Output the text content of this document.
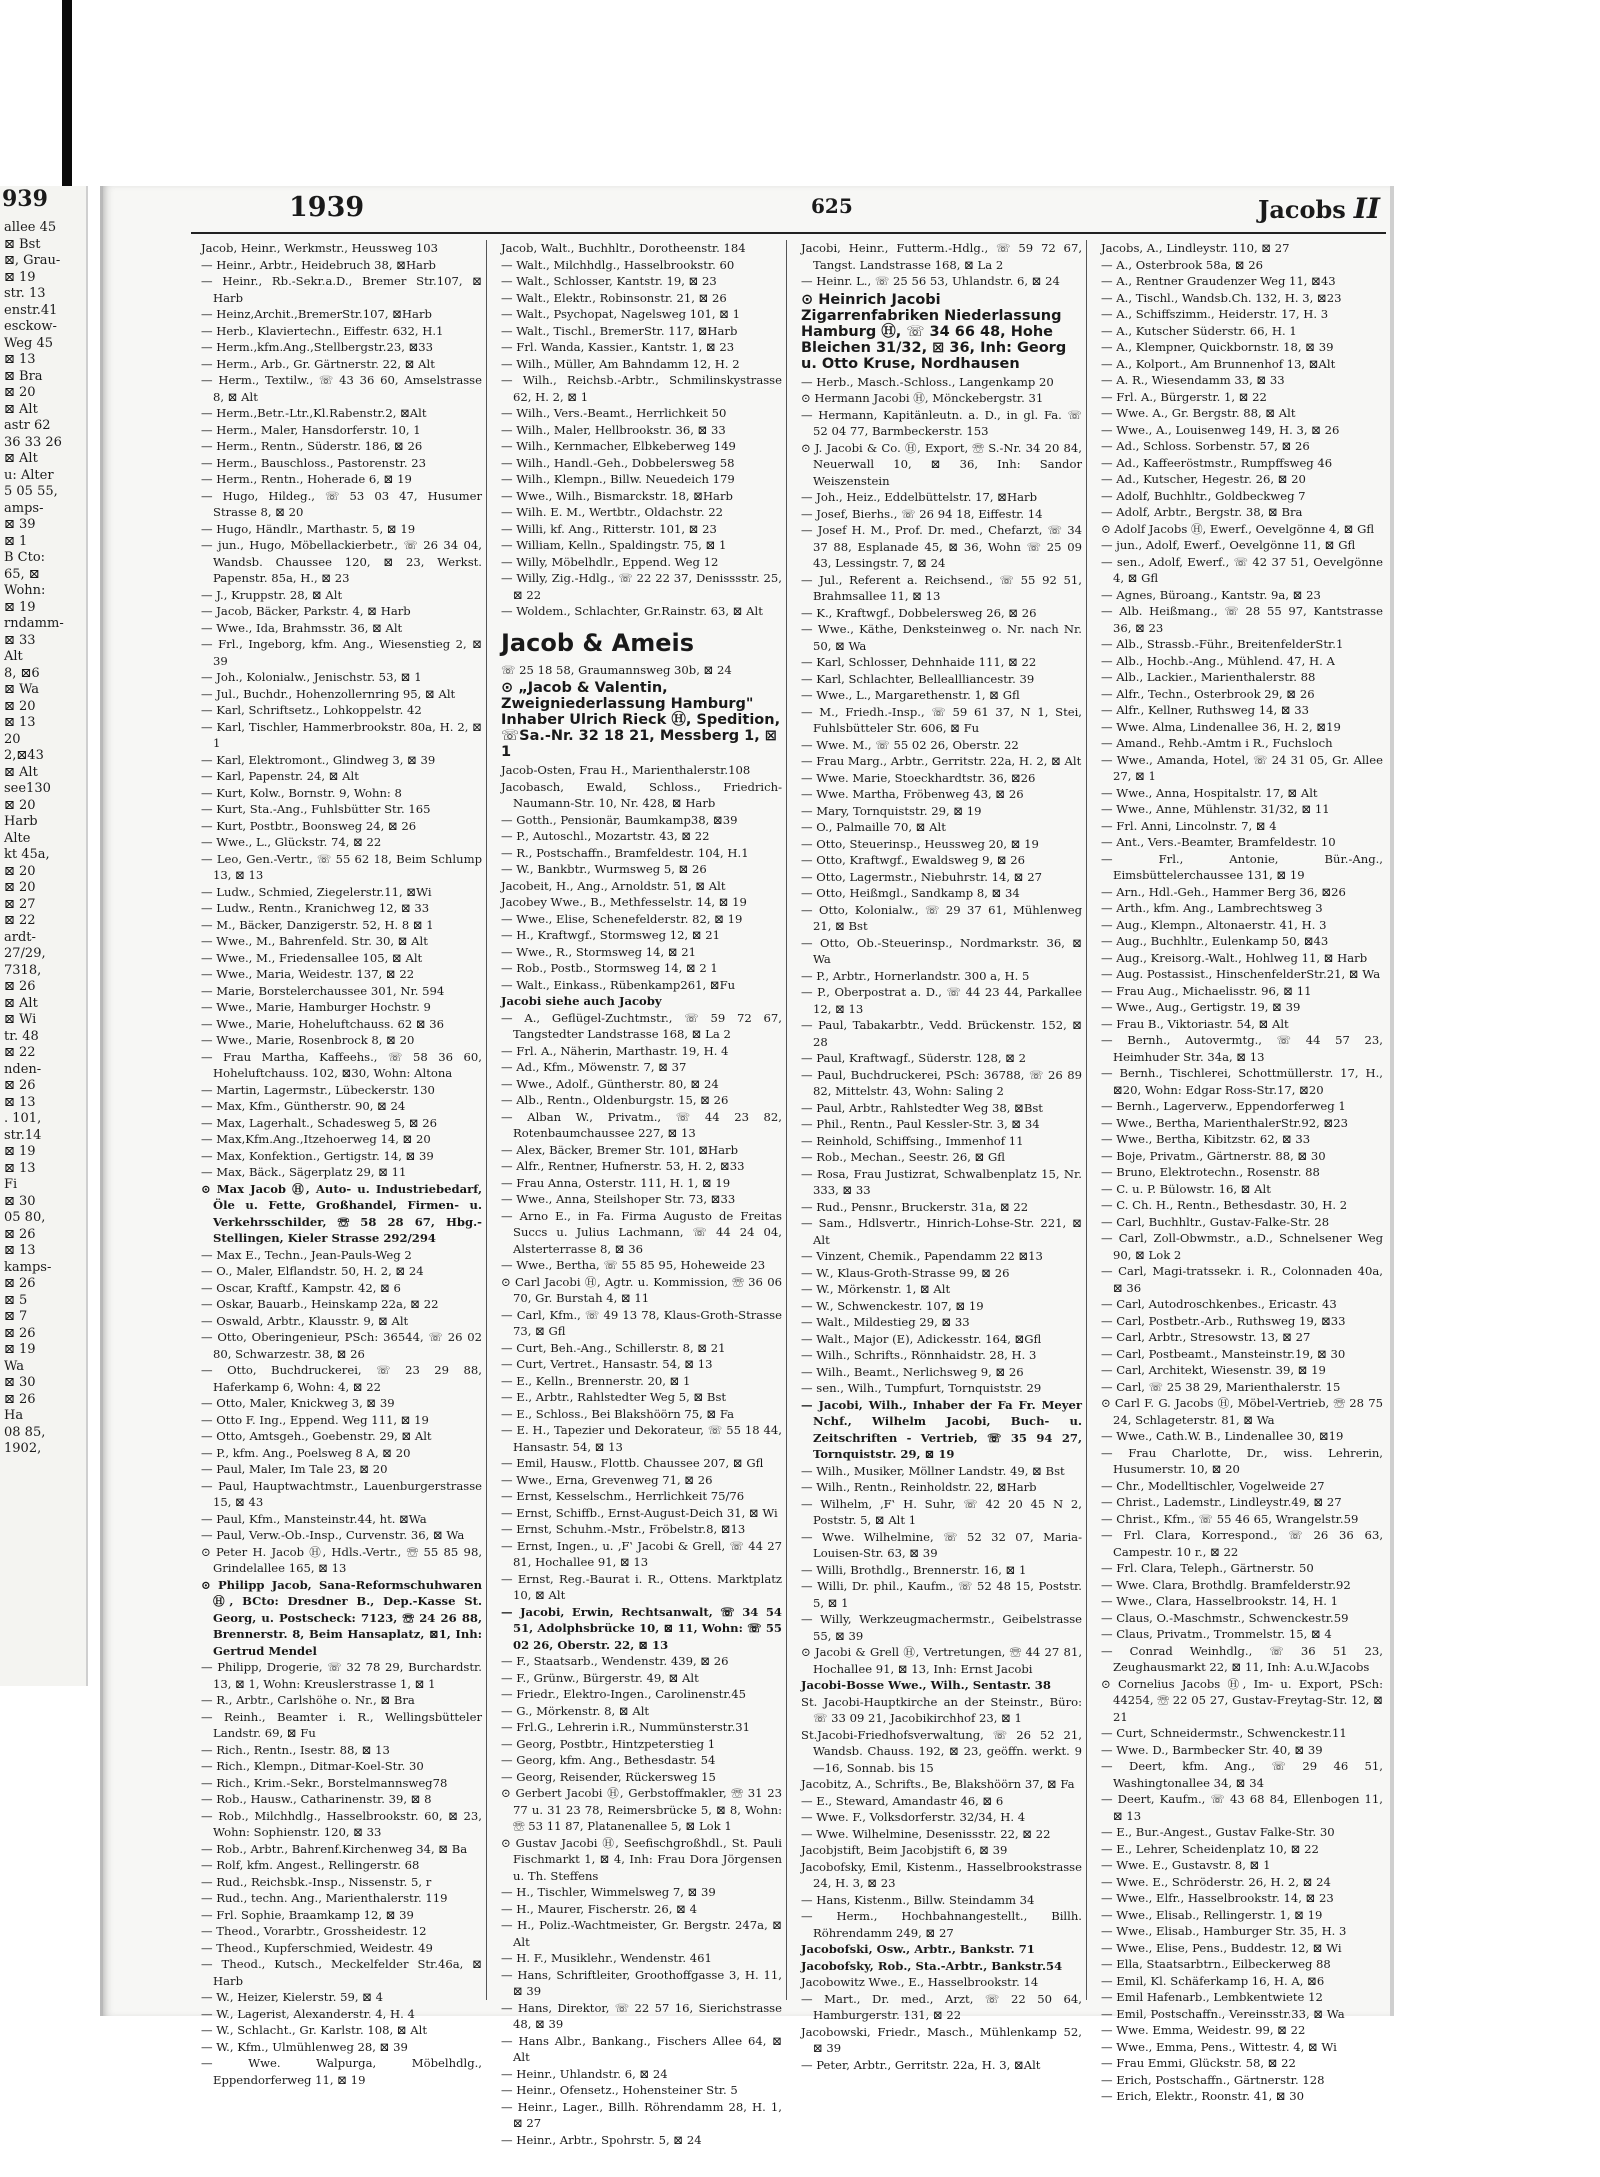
939
allee 45
⊠ Bst
⊠, Grau-
⊠ 19
str. 13
enstr.41
esckow-
Weg 45
⊠ 13
⊠ Bra
⊠ 20
⊠ Alt
astr 62
36 33 26
⊠ Alt
u: Alter
5 05 55,
amps-
⊠ 39
⊠ 1
B Cto:
65, ⊠
Wohn:
⊠ 19
rndamm-
⊠ 33
Alt
8, ⊠6
⊠ Wa
⊠ 20
⊠ 13
20
2,⊠43
⊠ Alt
see130
⊠ 20
Harb
Alte
kt 45a,
⊠ 20
⊠ 20
⊠ 27
⊠ 22
ardt-
27/29,
7318,
⊠ 26
⊠ Alt
⊠ Wi
tr. 48
⊠ 22
nden-
⊠ 26
⊠ 13
. 101,
str.14
⊠ 19
⊠ 13
Fi
⊠ 30
05 80,
⊠ 26
⊠ 13
kamps-
⊠ 26
⊠ 5
⊠ 7
⊠ 26
⊠ 19
Wa
⊠ 30
⊠ 26
Ha
08 85,
1902,
1939	625	Jacobs II

Jacob, Heinr., Werkmstr., Heussweg 103

— Heinr., Arbtr., Heidebruch 38, ⊠Harb

— Heinr., Rb.-Sekr.a.D., Bremer Str.107, ⊠ Harb

— Heinz,Archit.,BremerStr.107, ⊠Harb

— Herb., Klaviertechn., Eiffestr. 632, H.1

— Herm.,kfm.Ang.,Stellbergstr.23, ⊠33

— Herm., Arb., Gr. Gärtnerstr. 22, ⊠ Alt

— Herm., Textilw., ☏ 43 36 60, Amselstrasse 8, ⊠ Alt

— Herm.,Betr.-Ltr.,Kl.Rabenstr.2, ⊠Alt

— Herm., Maler, Hansdorferstr. 10, 1

— Herm., Rentn., Süderstr. 186, ⊠ 26

— Herm., Bauschloss., Pastorenstr. 23

— Herm., Rentn., Hoherade 6, ⊠ 19

— Hugo, Hildeg., ☏ 53 03 47, Husumer Strasse 8, ⊠ 20

— Hugo, Händlr., Marthastr. 5, ⊠ 19

— jun., Hugo, Möbellackierbetr., ☏ 26 34 04, Wandsb. Chaussee 120, ⊠ 23, Werkst. Papenstr. 85a, H., ⊠ 23

— J., Kruppstr. 28, ⊠ Alt

— Jacob, Bäcker, Parkstr. 4, ⊠ Harb

— Wwe., Ida, Brahmsstr. 36, ⊠ Alt

— Frl., Ingeborg, kfm. Ang., Wiesenstieg 2, ⊠ 39

— Joh., Kolonialw., Jenischstr. 53, ⊠ 1

— Jul., Buchdr., Hohenzollernring 95, ⊠ Alt

— Karl, Schriftsetz., Lohkoppelstr. 42

— Karl, Tischler, Hammerbrookstr. 80a, H. 2, ⊠ 1

— Karl, Elektromont., Glindweg 3, ⊠ 39

— Karl, Papenstr. 24, ⊠ Alt

— Kurt, Kolw., Bornstr. 9, Wohn: 8

— Kurt, Sta.-Ang., Fuhlsbütter Str. 165

— Kurt, Postbtr., Boonsweg 24, ⊠ 26

— Wwe., L., Glückstr. 74, ⊠ 22

— Leo, Gen.-Vertr., ☏ 55 62 18, Beim Schlump 13, ⊠ 13

— Ludw., Schmied, Ziegelerstr.11, ⊠Wi

— Ludw., Rentn., Kranichweg 12, ⊠ 33

— M., Bäcker, Danzigerstr. 52, H. 8 ⊠ 1

— Wwe., M., Bahrenfeld. Str. 30, ⊠ Alt

— Wwe., M., Friedensallee 105, ⊠ Alt

— Wwe., Maria, Weidestr. 137, ⊠ 22

— Marie, Borstelerchaussee 301, Nr. 594

— Wwe., Marie, Hamburger Hochstr. 9

— Wwe., Marie, Hoheluftchauss. 62 ⊠ 36

— Wwe., Marie, Rosenbrock 8, ⊠ 20

— Frau Martha, Kaffeehs., ☏ 58 36 60, Hoheluftchauss. 102, ⊠30, Wohn: Altona

— Martin, Lagermstr., Lübeckerstr. 130

— Max, Kfm., Güntherstr. 90, ⊠ 24

— Max, Lagerhalt., Schadesweg 5, ⊠ 26

— Max,Kfm.Ang.,Itzehoerweg 14, ⊠ 20

— Max, Konfektion., Gertigstr. 14, ⊠ 39

— Max, Bäck., Sägerplatz 29, ⊠ 11

⊙ Max Jacob Ⓗ, Auto- u. Industriebedarf, Öle u. Fette, Großhandel, Firmen- u. Verkehrsschilder, ☏ 58 28 67, Hbg.-Stellingen, Kieler Strasse 292/294

— Max E., Techn., Jean-Pauls-Weg 2

— O., Maler, Elflandstr. 50, H. 2, ⊠ 24

— Oscar, Kraftf., Kampstr. 42, ⊠ 6

— Oskar, Bauarb., Heinskamp 22a, ⊠ 22

— Oswald, Arbtr., Klausstr. 9, ⊠ Alt

— Otto, Oberingenieur, PSch: 36544, ☏ 26 02 80, Schwarzestr. 38, ⊠ 26

— Otto, Buchdruckerei, ☏ 23 29 88, Haferkamp 6, Wohn: 4, ⊠ 22

— Otto, Maler, Knickweg 3, ⊠ 39

— Otto F. Ing., Eppend. Weg 111, ⊠ 19

— Otto, Amtsgeh., Goebenstr. 29, ⊠ Alt

— P., kfm. Ang., Poelsweg 8 A, ⊠ 20

— Paul, Maler, Im Tale 23, ⊠ 20

— Paul, Hauptwachtmstr., Lauenburgerstrasse 15, ⊠ 43

— Paul, Kfm., Mansteinstr.44, ht. ⊠Wa

— Paul, Verw.-Ob.-Insp., Curvenstr. 36, ⊠ Wa

⊙ Peter H. Jacob Ⓗ, Hdls.-Vertr., ☏ 55 85 98, Grindelallee 165, ⊠ 13

⊙ Philipp Jacob, Sana-Reformschuhwaren Ⓗ, BCto: Dresdner B., Dep.-Kasse St. Georg, u. Postscheck: 7123, ☏ 24 26 88, Brennerstr. 8, Beim Hansaplatz, ⊠1, Inh: Gertrud Mendel

— Philipp, Drogerie, ☏ 32 78 29, Burchardstr. 13, ⊠ 1, Wohn: Kreuslerstrasse 1, ⊠ 1

— R., Arbtr., Carlshöhe o. Nr., ⊠ Bra

— Reinh., Beamter i. R., Wellingsbütteler Landstr. 69, ⊠ Fu

— Rich., Rentn., Isestr. 88, ⊠ 13

— Rich., Klempn., Ditmar-Koel-Str. 30

— Rich., Krim.-Sekr., Borstelmannsweg78

— Rob., Hausw., Catharinenstr. 39, ⊠ 8

— Rob., Milchhdlg., Hasselbrookstr. 60, ⊠ 23, Wohn: Sophienstr. 120, ⊠ 33

— Rob., Arbtr., Bahrenf.Kirchenweg 34, ⊠ Ba

— Rolf, kfm. Angest., Rellingerstr. 68

— Rud., Reichsbk.-Insp., Nissenstr. 5, r

— Rud., techn. Ang., Marienthalerstr. 119

— Frl. Sophie, Braamkamp 12, ⊠ 39

— Theod., Vorarbtr., Grossheidestr. 12

— Theod., Kupferschmied, Weidestr. 49

— Theod., Kutsch., Meckelfelder Str.46a, ⊠ Harb

— W., Heizer, Kielerstr. 59, ⊠ 4

— W., Lagerist, Alexanderstr. 4, H. 4

— W., Schlacht., Gr. Karlstr. 108, ⊠ Alt

— W., Kfm., Ulmühlenweg 28, ⊠ 39

— Wwe. Walpurga, Möbelhdlg., Eppendorferweg 11, ⊠ 19

Jacob, Walt., Buchhltr., Dorotheenstr. 184

— Walt., Milchhdlg., Hasselbrookstr. 60

— Walt., Schlosser, Kantstr. 19, ⊠ 23

— Walt., Elektr., Robinsonstr. 21, ⊠ 26

— Walt., Psychopat, Nagelsweg 101, ⊠ 1

— Walt., Tischl., BremerStr. 117, ⊠Harb

— Frl. Wanda, Kassier., Kantstr. 1, ⊠ 23

— Wilh., Müller, Am Bahndamm 12, H. 2

— Wilh., Reichsb.-Arbtr., Schmilinskystrasse 62, H. 2, ⊠ 1

— Wilh., Vers.-Beamt., Herrlichkeit 50

— Wilh., Maler, Hellbrookstr. 36, ⊠ 33

— Wilh., Kernmacher, Elbkeberweg 149

— Wilh., Handl.-Geh., Dobbelersweg 58

— Wilh., Klempn., Billw. Neuedeich 179

— Wwe., Wilh., Bismarckstr. 18, ⊠Harb

— Wilh. E. M., Wertbtr., Oldachstr. 22

— Willi, kf. Ang., Ritterstr. 101, ⊠ 23

— William, Kelln., Spaldingstr. 75, ⊠ 1

— Willy, Möbelhdlr., Eppend. Weg 12

— Willy, Zig.-Hdlg., ☏ 22 22 37, Denisssstr. 25, ⊠ 22

— Woldem., Schlachter, Gr.Rainstr. 63, ⊠ Alt

Jacob & Ameis

☏ 25 18 58, Graumannsweg 30b, ⊠ 24

⊙ „Jacob & Valentin, Zweigniederlassung Hamburg" Inhaber Ulrich Rieck Ⓗ, Spedition, ☏Sa.-Nr. 32 18 21, Messberg 1, ⊠ 1

Jacob-Osten, Frau H., Marienthalerstr.108

Jacobasch, Ewald, Schloss., Friedrich-Naumann-Str. 10, Nr. 428, ⊠ Harb

— Gotth., Pensionär, Baumkamp38, ⊠39

— P., Autoschl., Mozartstr. 43, ⊠ 22

— R., Postschaffn., Bramfeldestr. 104, H.1

— W., Bankbtr., Wurmsweg 5, ⊠ 26

Jacobeit, H., Ang., Arnoldstr. 51, ⊠ Alt

Jacobey Wwe., B., Methfesselstr. 14, ⊠ 19

— Wwe., Elise, Schenefelderstr. 82, ⊠ 19

— H., Kraftwgf., Stormsweg 12, ⊠ 21

— Wwe., R., Stormsweg 14, ⊠ 21

— Rob., Postb., Stormsweg 14, ⊠ 2 1

— Walt., Einkass., Rübenkamp261, ⊠Fu

Jacobi siehe auch Jacoby

— A., Geflügel-Zuchtmstr., ☏ 59 72 67, Tangstedter Landstrasse 168, ⊠ La 2

— Frl. A., Näherin, Marthastr. 19, H. 4

— Ad., Kfm., Möwenstr. 7, ⊠ 37

— Wwe., Adolf., Güntherstr. 80, ⊠ 24

— Alb., Rentn., Oldenburgstr. 15, ⊠ 26

— Alban W., Privatm., ☏ 44 23 82, Rotenbaumchaussee 227, ⊠ 13

— Alex, Bäcker, Bremer Str. 101, ⊠Harb

— Alfr., Rentner, Hufnerstr. 53, H. 2, ⊠33

— Frau Anna, Osterstr. 111, H. 1, ⊠ 19

— Wwe., Anna, Steilshoper Str. 73, ⊠33

— Arno E., in Fa. Firma Augusto de Freitas Succs u. Julius Lachmann, ☏ 44 24 04, Alsterterrasse 8, ⊠ 36

— Wwe., Bertha, ☏ 55 85 95, Hoheweide 23

⊙ Carl Jacobi Ⓗ, Agtr. u. Kommission, ☏ 36 06 70, Gr. Burstah 4, ⊠ 11

— Carl, Kfm., ☏ 49 13 78, Klaus-Groth-Strasse 73, ⊠ Gfl

— Curt, Beh.-Ang., Schillerstr. 8, ⊠ 21

— Curt, Vertret., Hansastr. 54, ⊠ 13

— E., Kelln., Brennerstr. 20, ⊠ 1

— E., Arbtr., Rahlstedter Weg 5, ⊠ Bst

— E., Schloss., Bei Blakshöörn 75, ⊠ Fa

— E. H., Tapezier und Dekorateur, ☏ 55 18 44, Hansastr. 54, ⊠ 13

— Emil, Hausw., Flottb. Chaussee 207, ⊠ Gfl

— Wwe., Erna, Grevenweg 71, ⊠ 26

— Ernst, Kesselschm., Herrlichkeit 75/76

— Ernst, Schiffb., Ernst-August-Deich 31, ⊠ Wi

— Ernst, Schuhm.-Mstr., Fröbelstr.8, ⊠13

— Ernst, Ingen., u. ‚F‛ Jacobi & Grell, ☏ 44 27 81, Hochallee 91, ⊠ 13

— Ernst, Reg.-Baurat i. R., Ottens. Marktplatz 10, ⊠ Alt

— Jacobi, Erwin, Rechtsanwalt, ☏ 34 54 51, Adolphsbrücke 10, ⊠ 11, Wohn: ☏ 55 02 26, Oberstr. 22, ⊠ 13

— F., Staatsarb., Wendenstr. 439, ⊠ 26

— F., Grünw., Bürgerstr. 49, ⊠ Alt

— Friedr., Elektro-Ingen., Carolinenstr.45

— G., Mörkenstr. 8, ⊠ Alt

— Frl.G., Lehrerin i.R., Nummünsterstr.31

— Georg, Postbtr., Hintzpeterstieg 1

— Georg, kfm. Ang., Bethesdastr. 54

— Georg, Reisender, Rückersweg 15

⊙ Gerbert Jacobi Ⓗ, Gerbstoffmakler, ☏ 31 23 77 u. 31 23 78, Reimersbrücke 5, ⊠ 8, Wohn: ☏ 53 11 87, Platanenallee 5, ⊠ Lok 1

⊙ Gustav Jacobi Ⓗ, Seefischgroßhdl., St. Pauli Fischmarkt 1, ⊠ 4, Inh: Frau Dora Jörgensen u. Th. Steffens

— H., Tischler, Wimmelsweg 7, ⊠ 39

— H., Maurer, Fischerstr. 26, ⊠ 4

— H., Poliz.-Wachtmeister, Gr. Bergstr. 247a, ⊠ Alt

— H. F., Musiklehr., Wendenstr. 461

— Hans, Schriftleiter, Groothoffgasse 3, H. 11, ⊠ 39

— Hans, Direktor, ☏ 22 57 16, Sierichstrasse 48, ⊠ 39

— Hans Albr., Bankang., Fischers Allee 64, ⊠ Alt

— Heinr., Uhlandstr. 6, ⊠ 24

— Heinr., Ofensetz., Hohensteiner Str. 5

— Heinr., Lager., Billh. Röhrendamm 28, H. 1, ⊠ 27

— Heinr., Arbtr., Spohrstr. 5, ⊠ 24

Jacobi, Heinr., Futterm.-Hdlg., ☏ 59 72 67, Tangst. Landstrasse 168, ⊠ La 2

— Heinr. L., ☏ 25 56 53, Uhlandstr. 6, ⊠ 24

⊙ Heinrich Jacobi Zigarrenfabriken Niederlassung Hamburg Ⓗ, ☏ 34 66 48, Hohe Bleichen 31/32, ⊠ 36, Inh: Georg u. Otto Kruse, Nordhausen

— Herb., Masch.-Schloss., Langenkamp 20

⊙ Hermann Jacobi Ⓗ, Mönckebergstr. 31

— Hermann, Kapitänleutn. a. D., in gl. Fa. ☏ 52 04 77, Barmbeckerstr. 153

⊙ J. Jacobi & Co. Ⓗ, Export, ☏ S.-Nr. 34 20 84, Neuerwall 10, ⊠ 36, Inh: Sandor Weiszenstein

— Joh., Heiz., Eddelbüttelstr. 17, ⊠Harb

— Josef, Bierhs., ☏ 26 94 18, Eiffestr. 14

— Josef H. M., Prof. Dr. med., Chefarzt, ☏ 34 37 88, Esplanade 45, ⊠ 36, Wohn ☏ 25 09 43, Lessingstr. 7, ⊠ 24

— Jul., Referent a. Reichsend., ☏ 55 92 51, Brahmsallee 11, ⊠ 13

— K., Kraftwgf., Dobbelersweg 26, ⊠ 26

— Wwe., Käthe, Denksteinweg o. Nr. nach Nr. 50, ⊠ Wa

— Karl, Schlosser, Dehnhaide 111, ⊠ 22

— Karl, Schlachter, Belleallliancestr. 39

— Wwe., L., Margarethenstr. 1, ⊠ Gfl

— M., Friedh.-Insp., ☏ 59 61 37, N 1, Stei, Fuhlsbütteler Str. 606, ⊠ Fu

— Wwe. M., ☏ 55 02 26, Oberstr. 22

— Frau Marg., Arbtr., Gerritstr. 22a, H. 2, ⊠ Alt

— Wwe. Marie, Stoeckhardtstr. 36, ⊠26

— Wwe. Martha, Fröbenweg 43, ⊠ 26

— Mary, Tornquiststr. 29, ⊠ 19

— O., Palmaille 70, ⊠ Alt

— Otto, Steuerinsp., Heussweg 20, ⊠ 19

— Otto, Kraftwgf., Ewaldsweg 9, ⊠ 26

— Otto, Lagermstr., Niebuhrstr. 14, ⊠ 27

— Otto, Heißmgl., Sandkamp 8, ⊠ 34

— Otto, Kolonialw., ☏ 29 37 61, Mühlenweg 21, ⊠ Bst

— Otto, Ob.-Steuerinsp., Nordmarkstr. 36, ⊠ Wa

— P., Arbtr., Hornerlandstr. 300 a, H. 5

— P., Oberpostrat a. D., ☏ 44 23 44, Parkallee 12, ⊠ 13

— Paul, Tabakarbtr., Vedd. Brückenstr. 152, ⊠ 28

— Paul, Kraftwagf., Süderstr. 128, ⊠ 2

— Paul, Buchdruckerei, PSch: 36788, ☏ 26 89 82, Mittelstr. 43, Wohn: Saling 2

— Paul, Arbtr., Rahlstedter Weg 38, ⊠Bst

— Phil., Rentn., Paul Kessler-Str. 3, ⊠ 34

— Reinhold, Schiffsing., Immenhof 11

— Rob., Mechan., Seestr. 26, ⊠ Gfl

— Rosa, Frau Justizrat, Schwalbenplatz 15, Nr. 333, ⊠ 33

— Rud., Pensnr., Bruckerstr. 31a, ⊠ 22

— Sam., Hdlsvertr., Hinrich-Lohse-Str. 221, ⊠ Alt

— Vinzent, Chemik., Papendamm 22 ⊠13

— W., Klaus-Groth-Strasse 99, ⊠ 26

— W., Mörkenstr. 1, ⊠ Alt

— W., Schwenckestr. 107, ⊠ 19

— Walt., Mildestieg 29, ⊠ 33

— Walt., Major (E), Adickesstr. 164, ⊠Gfl

— Wilh., Schrifts., Rönnhaidstr. 28, H. 3

— Wilh., Beamt., Nerlichsweg 9, ⊠ 26

— sen., Wilh., Tumpfurt, Tornquiststr. 29

— Jacobi, Wilh., Inhaber der Fa Fr. Meyer Nchf., Wilhelm Jacobi, Buch- u. Zeitschriften - Vertrieb, ☏ 35 94 27, Tornquiststr. 29, ⊠ 19

— Wilh., Musiker, Möllner Landstr. 49, ⊠ Bst

— Wilh., Rentn., Reinholdstr. 22, ⊠Harb

— Wilhelm, ‚F‛ H. Suhr, ☏ 42 20 45 N 2, Poststr. 5, ⊠ Alt 1

— Wwe. Wilhelmine, ☏ 52 32 07, Maria-Louisen-Str. 63, ⊠ 39

— Willi, Brothdlg., Brennerstr. 16, ⊠ 1

— Willi, Dr. phil., Kaufm., ☏ 52 48 15, Poststr. 5, ⊠ 1

— Willy, Werkzeugmachermstr., Geibelstrasse 55, ⊠ 39

⊙ Jacobi & Grell Ⓗ, Vertretungen, ☏ 44 27 81, Hochallee 91, ⊠ 13, Inh: Ernst Jacobi

Jacobi-Bosse Wwe., Wilh., Sentastr. 38

St. Jacobi-Hauptkirche an der Steinstr., Büro: ☏ 33 09 21, Jacobikirchhof 23, ⊠ 1

St.Jacobi-Friedhofsverwaltung, ☏ 26 52 21, Wandsb. Chauss. 192, ⊠ 23, geöffn. werkt. 9—16, Sonnab. bis 15

Jacobitz, A., Schrifts., Be, Blakshöörn 37, ⊠ Fa

— E., Steward, Amandastr 46, ⊠ 6

— Wwe. F., Volksdorferstr. 32/34, H. 4

— Wwe. Wilhelmine, Desenissstr. 22, ⊠ 22

Jacobjstift, Beim Jacobjstift 6, ⊠ 39

Jacobofsky, Emil, Kistenm., Hasselbrookstrasse 24, H. 3, ⊠ 23

— Hans, Kistenm., Billw. Steindamm 34

— Herm., Hochbahnangestellt., Billh. Röhrendamm 249, ⊠ 27

Jacobofski, Osw., Arbtr., Bankstr. 71

Jacobofsky, Rob., Sta.-Arbtr., Bankstr.54

Jacobowitz Wwe., E., Hasselbrookstr. 14

— Mart., Dr. med., Arzt, ☏ 22 50 64, Hamburgerstr. 131, ⊠ 22

Jacobowski, Friedr., Masch., Mühlenkamp 52, ⊠ 39

— Peter, Arbtr., Gerritstr. 22a, H. 3, ⊠Alt

Jacobs, A., Lindleystr. 110, ⊠ 27

— A., Osterbrook 58a, ⊠ 26

— A., Rentner Graudenzer Weg 11, ⊠43

— A., Tischl., Wandsb.Ch. 132, H. 3, ⊠23

— A., Schiffszimm., Heiderstr. 17, H. 3

— A., Kutscher Süderstr. 66, H. 1

— A., Klempner, Quickbornstr. 18, ⊠ 39

— A., Kolport., Am Brunnenhof 13, ⊠Alt

— A. R., Wiesendamm 33, ⊠ 33

— Frl. A., Bürgerstr. 1, ⊠ 22

— Wwe. A., Gr. Bergstr. 88, ⊠ Alt

— Wwe., A., Louisenweg 149, H. 3, ⊠ 26

— Ad., Schloss. Sorbenstr. 57, ⊠ 26

— Ad., Kaffeeröstmstr., Rumpffsweg 46

— Ad., Kutscher, Hegestr. 26, ⊠ 20

— Adolf, Buchhltr., Goldbeckweg 7

— Adolf, Arbtr., Bergstr. 38, ⊠ Bra

⊙ Adolf Jacobs Ⓗ, Ewerf., Oevelgönne 4, ⊠ Gfl

— jun., Adolf, Ewerf., Oevelgönne 11, ⊠ Gfl

— sen., Adolf, Ewerf., ☏ 42 37 51, Oevelgönne 4, ⊠ Gfl

— Agnes, Büroang., Kantstr. 9a, ⊠ 23

— Alb. Heißmang., ☏ 28 55 97, Kantstrasse 36, ⊠ 23

— Alb., Strassb.-Führ., BreitenfelderStr.1

— Alb., Hochb.-Ang., Mühlend. 47, H. A

— Alb., Lackier., Marienthalerstr. 88

— Alfr., Techn., Osterbrook 29, ⊠ 26

— Alfr., Kellner, Ruthsweg 14, ⊠ 33

— Wwe. Alma, Lindenallee 36, H. 2, ⊠19

— Amand., Rehb.-Amtm i R., Fuchsloch

— Wwe., Amanda, Hotel, ☏ 24 31 05, Gr. Allee 27, ⊠ 1

— Wwe., Anna, Hospitalstr. 17, ⊠ Alt

— Wwe., Anne, Mühlenstr. 31/32, ⊠ 11

— Frl. Anni, Lincolnstr. 7, ⊠ 4

— Ant., Vers.-Beamter, Bramfeldestr. 10

— Frl., Antonie, Bür.-Ang., Eimsbüttelerchaussee 131, ⊠ 19

— Arn., Hdl.-Geh., Hammer Berg 36, ⊠26

— Arth., kfm. Ang., Lambrechtsweg 3

— Aug., Klempn., Altonaerstr. 41, H. 3

— Aug., Buchhltr., Eulenkamp 50, ⊠43

— Aug., Kreisorg.-Walt., Hohlweg 11, ⊠ Harb

— Aug. Postassist., HinschenfelderStr.21, ⊠ Wa

— Frau Aug., Michaelisstr. 96, ⊠ 11

— Wwe., Aug., Gertigstr. 19, ⊠ 39

— Frau B., Viktoriastr. 54, ⊠ Alt

— Bernh., Autovermtg., ☏ 44 57 23, Heimhuder Str. 34a, ⊠ 13

— Bernh., Tischlerei, Schottmüllerstr. 17, H., ⊠20, Wohn: Edgar Ross-Str.17, ⊠20

— Bernh., Lagerverw., Eppendorferweg 1

— Wwe., Bertha, MarienthalerStr.92, ⊠23

— Wwe., Bertha, Kibitzstr. 62, ⊠ 33

— Boje, Privatm., Gärtnerstr. 88, ⊠ 30

— Bruno, Elektrotechn., Rosenstr. 88

— C. u. P. Bülowstr. 16, ⊠ Alt

— C. Ch. H., Rentn., Bethesdastr. 30, H. 2

— Carl, Buchhltr., Gustav-Falke-Str. 28

— Carl, Zoll-Obwmstr., a.D., Schnelsener Weg 90, ⊠ Lok 2

— Carl, Magi-tratssekr. i. R., Colonnaden 40a, ⊠ 36

— Carl, Autodroschkenbes., Ericastr. 43

— Carl, Postbetr.-Arb., Ruthsweg 19, ⊠33

— Carl, Arbtr., Stresowstr. 13, ⊠ 27

— Carl, Postbeamt., Mansteinstr.19, ⊠ 30

— Carl, Architekt, Wiesenstr. 39, ⊠ 19

— Carl, ☏ 25 38 29, Marienthalerstr. 15

⊙ Carl F. G. Jacobs Ⓗ, Möbel-Vertrieb, ☏ 28 75 24, Schlageterstr. 81, ⊠ Wa

— Wwe., Cath.W. B., Lindenallee 30, ⊠19

— Frau Charlotte, Dr., wiss. Lehrerin, Husumerstr. 10, ⊠ 20

— Chr., Modelltischler, Vogelweide 27

— Christ., Lademstr., Lindleystr.49, ⊠ 27

— Christ., Kfm., ☏ 55 46 65, Wrangelstr.59

— Frl. Clara, Korrespond., ☏ 26 36 63, Campestr. 10 r., ⊠ 22

— Frl. Clara, Teleph., Gärtnerstr. 50

— Wwe. Clara, Brothdlg. Bramfelderstr.92

— Wwe., Clara, Hasselbrookstr. 14, H. 1

— Claus, O.-Maschmstr., Schwenckestr.59

— Claus, Privatm., Trommelstr. 15, ⊠ 4

— Conrad Weinhdlg., ☏ 36 51 23, Zeughausmarkt 22, ⊠ 11, Inh: A.u.W.Jacobs

⊙ Cornelius Jacobs Ⓗ, Im- u. Export, PSch: 44254, ☏ 22 05 27, Gustav-Freytag-Str. 12, ⊠ 21

— Curt, Schneidermstr., Schwenckestr.11

— Wwe. D., Barmbecker Str. 40, ⊠ 39

— Deert, kfm. Ang., ☏ 29 46 51, Washingtonallee 34, ⊠ 34

— Deert, Kaufm., ☏ 43 68 84, Ellenbogen 11, ⊠ 13

— E., Bur.-Angest., Gustav Falke-Str. 30

— E., Lehrer, Scheidenplatz 10, ⊠ 22

— Wwe. E., Gustavstr. 8, ⊠ 1

— Wwe. E., Schröderstr. 26, H. 2, ⊠ 24

— Wwe., Elfr., Hasselbrookstr. 14, ⊠ 23

— Wwe., Elisab., Rellingerstr. 1, ⊠ 19

— Wwe., Elisab., Hamburger Str. 35, H. 3

— Wwe., Elise, Pens., Buddestr. 12, ⊠ Wi

— Ella, Staatsarbtrn., Eilbeckerweg 88

— Emil, Kl. Schäferkamp 16, H. A, ⊠6

— Emil Hafenarb., Lembkentwiete 12

— Emil, Postschaffn., Vereinsstr.33, ⊠ Wa

— Wwe. Emma, Weidestr. 99, ⊠ 22

— Wwe., Emma, Pens., Wittestr. 4, ⊠ Wi

— Frau Emmi, Glückstr. 58, ⊠ 22

— Erich, Postschaffn., Gärtnerstr. 128

— Erich, Elektr., Roonstr. 41, ⊠ 30
